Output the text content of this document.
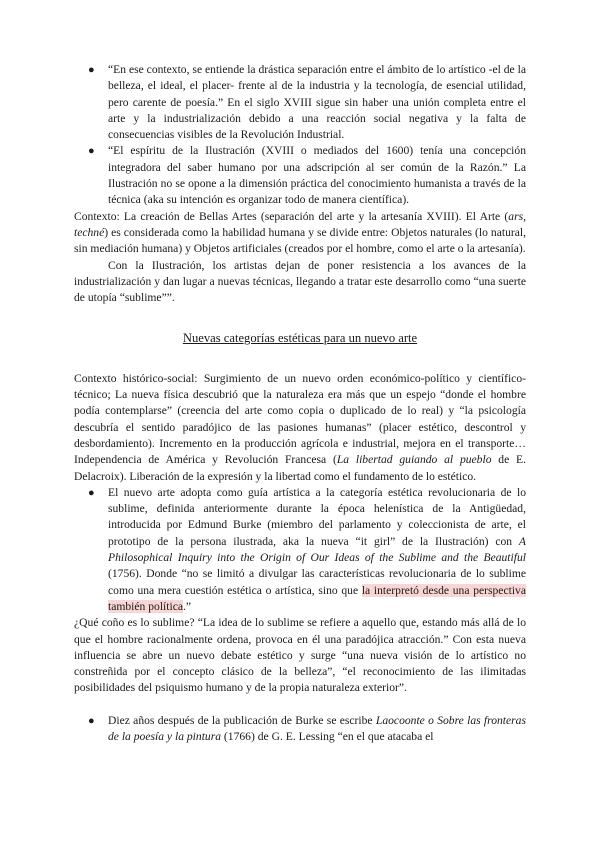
● “En ese contexto, se entiende la drástica separación entre el ámbito de lo artístico -el de la belleza, el ideal, el placer- frente al de la industria y la tecnología, de esencial utilidad, pero carente de poesía.” En el siglo XVIII sigue sin haber una unión completa entre el arte y la industrialización debido a una reacción social negativa y la falta de consecuencias visibles de la Revolución Industrial.
● “El espíritu de la Ilustración (XVIII o mediados del 1600) tenía una concepción integradora del saber humano por una adscripción al ser común de la Razón.” La Ilustración no se opone a la dimensión práctica del conocimiento humanista a través de la técnica (aka su intención es organizar todo de manera científica).

Contexto: La creación de Bellas Artes (separación del arte y la artesanía XVIII). El Arte (ars, techné) es considerada como la habilidad humana y se divide entre: Objetos naturales (lo natural, sin mediación humana) y Objetos artificiales (creados por el hombre, como el arte o la artesanía).

Con la Ilustración, los artistas dejan de poner resistencia a los avances de la industrialización y dan lugar a nuevas técnicas, llegando a tratar este desarrollo como “una suerte de utopía “sublime””.

Nuevas categorías estéticas para un nuevo arte

Contexto histórico-social: Surgimiento de un nuevo orden económico-político y científico-técnico; La nueva física descubrió que la naturaleza era más que un espejo “donde el hombre podía contemplarse” (creencia del arte como copia o duplicado de lo real) y “la psicología descubría el sentido paradójico de las pasiones humanas” (placer estético, descontrol y desbordamiento). Incremento en la producción agrícola e industrial, mejora en el transporte… Independencia de América y Revolución Francesa (La libertad guiando al pueblo de E. Delacroix). Liberación de la expresión y la libertad como el fundamento de lo estético.

● El nuevo arte adopta como guía artística a la categoría estética revolucionaria de lo sublime, definida anteriormente durante la época helenística de la Antigüedad, introducida por Edmund Burke (miembro del parlamento y coleccionista de arte, el prototipo de la persona ilustrada, aka la nueva “it girl” de la Ilustración) con A Philosophical Inquiry into the Origin of Our Ideas of the Sublime and the Beautiful (1756). Donde “no se limitó a divulgar las características revolucionaria de lo sublime como una mera cuestión estética o artística, sino que la interpretó desde una perspectiva también política.”

¿Qué coño es lo sublime? “La idea de lo sublime se refiere a aquello que, estando más allá de lo que el hombre racionalmente ordena, provoca en él una paradójica atracción.” Con esta nueva influencia se abre un nuevo debate estético y surge “una nueva visión de lo artístico no constreñida por el concepto clásico de la belleza”, “el reconocimiento de las ilimitadas posibilidades del psiquismo humano y de la propia naturaleza exterior”.

● Diez años después de la publicación de Burke se escribe Laocoonte o Sobre las fronteras de la poesía y la pintura (1766) de G. E. Lessing “en el que atacaba el
